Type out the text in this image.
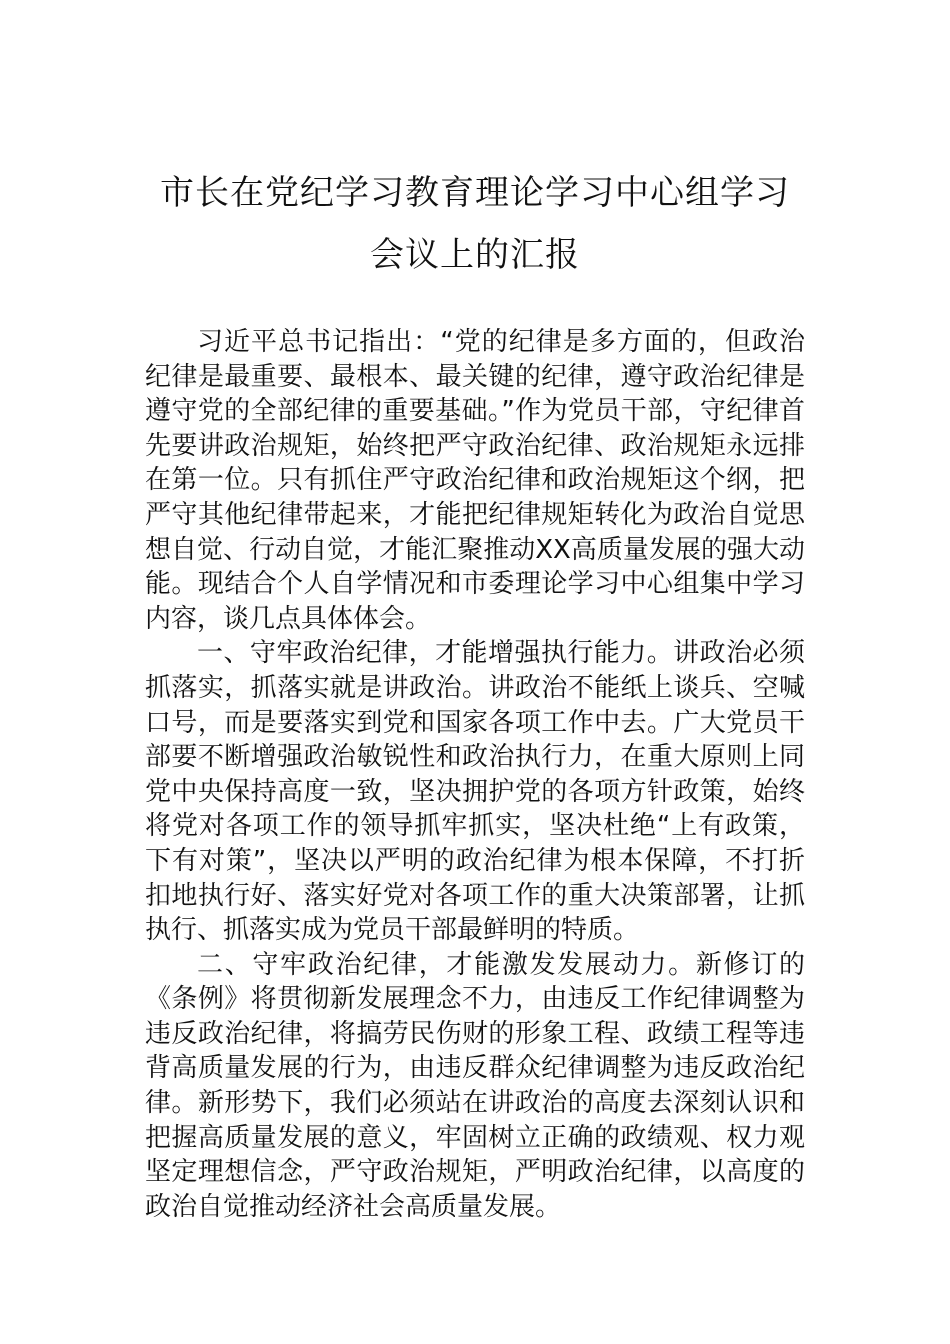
市长在党纪学习教育理论学习中心组学习
会议上的汇报

习近平总书记指出：“党的纪律是多方面的，但政治纪律是最重要、最根本、最关键的纪律，遵守政治纪律是遵守党的全部纪律的重要基础。”作为党员干部，守纪律首先要讲政治规矩，始终把严守政治纪律、政治规矩永远排在第一位。只有抓住严守政治纪律和政治规矩这个纲，把严守其他纪律带起来，才能把纪律规矩转化为政治自觉思想自觉、行动自觉，才能汇聚推动XX高质量发展的强大动能。现结合个人自学情况和市委理论学习中心组集中学习内容，谈几点具体体会。

一、守牢政治纪律，才能增强执行能力。讲政治必须抓落实，抓落实就是讲政治。讲政治不能纸上谈兵、空喊口号，而是要落实到党和国家各项工作中去。广大党员干部要不断增强政治敏锐性和政治执行力，在重大原则上同党中央保持高度一致，坚决拥护党的各项方针政策，始终将党对各项工作的领导抓牢抓实，坚决杜绝“上有政策，下有对策”，坚决以严明的政治纪律为根本保障，不打折扣地执行好、落实好党对各项工作的重大决策部署，让抓执行、抓落实成为党员干部最鲜明的特质。

二、守牢政治纪律，才能激发发展动力。新修订的《条例》将贯彻新发展理念不力，由违反工作纪律调整为违反政治纪律，将搞劳民伤财的形象工程、政绩工程等违背高质量发展的行为，由违反群众纪律调整为违反政治纪律。新形势下，我们必须站在讲政治的高度去深刻认识和把握高质量发展的意义，牢固树立正确的政绩观、权力观坚定理想信念，严守政治规矩，严明政治纪律，以高度的政治自觉推动经济社会高质量发展。
